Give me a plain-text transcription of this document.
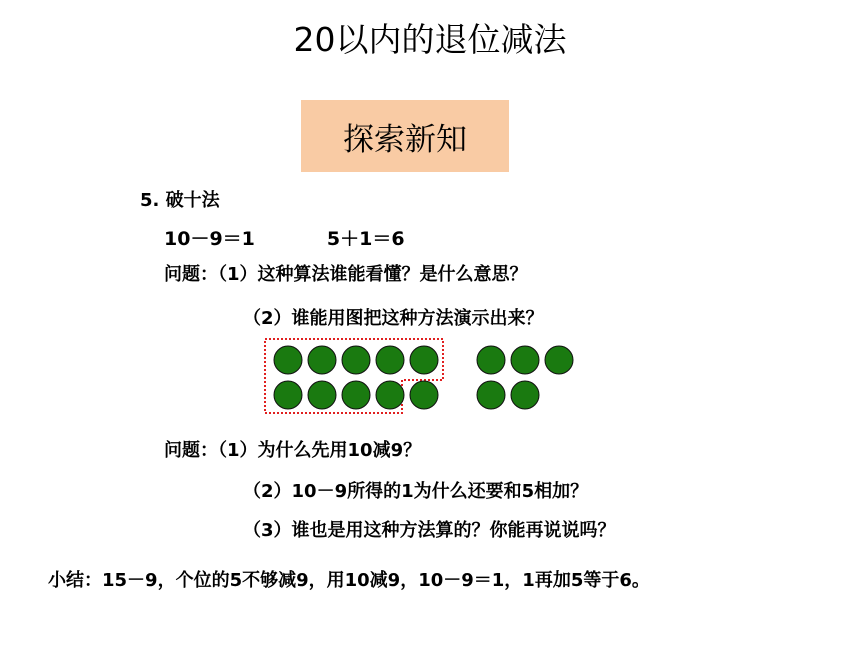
20以内的退位减法
探索新知
5. 破十法
10－9＝1	5＋1＝6
问题：（1）这种算法谁能看懂？是什么意思？
（2）谁能用图把这种方法演示出来？
问题：（1）为什么先用10减9？
（2）10－9所得的1为什么还要和5相加？
（3）谁也是用这种方法算的？你能再说说吗？
小结：15－9，个位的5不够减9，用10减9，10－9＝1，1再加5等于6。
